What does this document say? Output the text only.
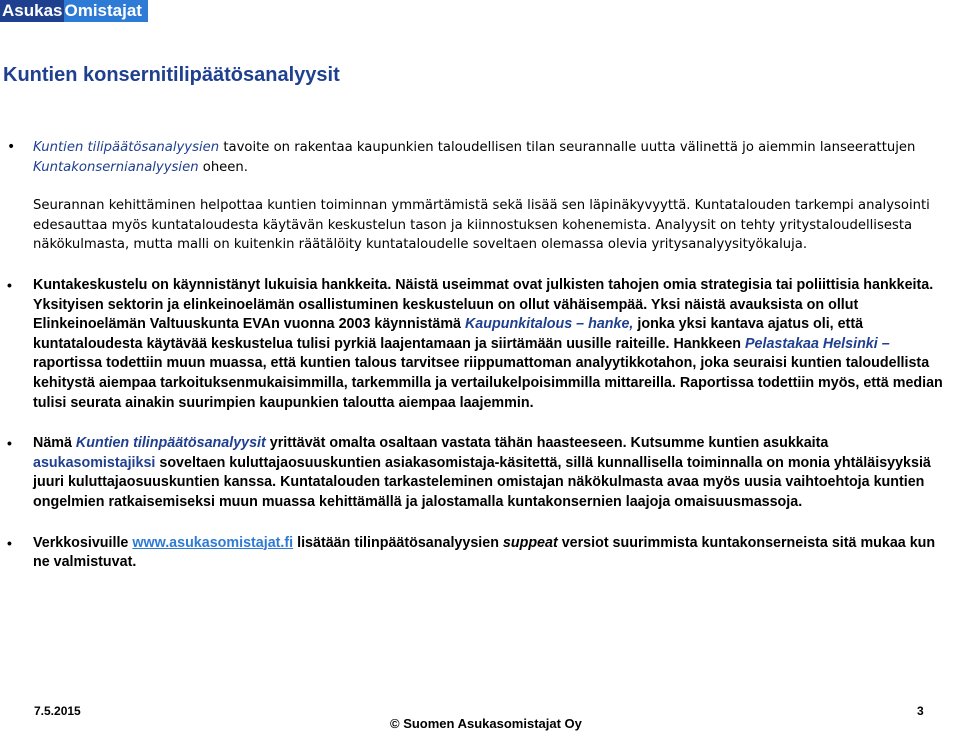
Asukas Omistajat
Kuntien konsernitilipäätösanalyysit
• Kuntien tilipäätösanalyysien tavoite on rakentaa kaupunkien taloudellisen tilan seurannalle uutta välinettä jo aiemmin lanseerattujen Kuntakonsernianalyysien oheen.
Seurannan kehittäminen helpottaa kuntien toiminnan ymmärtämistä sekä lisää sen läpinäkyvyyttä. Kuntatalouden tarkempi analysointi edesauttaa myös kuntataloudesta käytävän keskustelun tason ja kiinnostuksen kohenemista. Analyysit on tehty yritystaloudellisesta näkökulmasta, mutta malli on kuitenkin räätälöity kuntataloudelle soveltaen olemassa olevia yritysanalyysityökaluja.
• Kuntakeskustelu on käynnistänyt lukuisia hankkeita. Näistä useimmat ovat julkisten tahojen omia strategisia tai poliittisia hankkeita. Yksityisen sektorin ja elinkeinoelämän osallistuminen keskusteluun on ollut vähäisempää. Yksi näistä avauksista on ollut Elinkeinoelämän Valtuuskunta EVAn vuonna 2003 käynnistämä Kaupunkitalous – hanke, jonka yksi kantava ajatus oli, että kuntataloudesta käytävää keskustelua tulisi pyrkiä laajentamaan ja siirtämään uusille raiteille. Hankkeen Pelastakaa Helsinki – raportissa todettiin muun muassa, että kuntien talous tarvitsee riippumattoman analyytikkotahon, joka seuraisi kuntien taloudellista kehitystä aiempaa tarkoituksenmukaisimmilla, tarkemmilla ja vertailukelpoisimmilla mittareilla. Raportissa todettiin myös, että median tulisi seurata ainakin suurimpien kaupunkien taloutta aiempaa laajemmin.
• Nämä Kuntien tilinpäätösanalyysit yrittävät omalta osaltaan vastata tähän haasteeseen. Kutsumme kuntien asukkaita asukasomistajiksi soveltaen kuluttajaosuuskuntien asiakasomistaja-käsitettä, sillä kunnallisella toiminnalla on monia yhtäläisyyksiä juuri kuluttajaosuuskuntien kanssa. Kuntatalouden tarkasteleminen omistajan näkökulmasta avaa myös uusia vaihtoehtoja kuntien ongelmien ratkaisemiseksi muun muassa kehittämällä ja jalostamalla kuntakonsernien laajoja omaisuusmassoja.
• Verkkosivuille www.asukasomistajat.fi lisätään tilinpäätösanalyysien suppeat versiot suurimmista kuntakonserneista sitä mukaa kun ne valmistuvat.
7.5.2015
© Suomen Asukasomistajat Oy
3
